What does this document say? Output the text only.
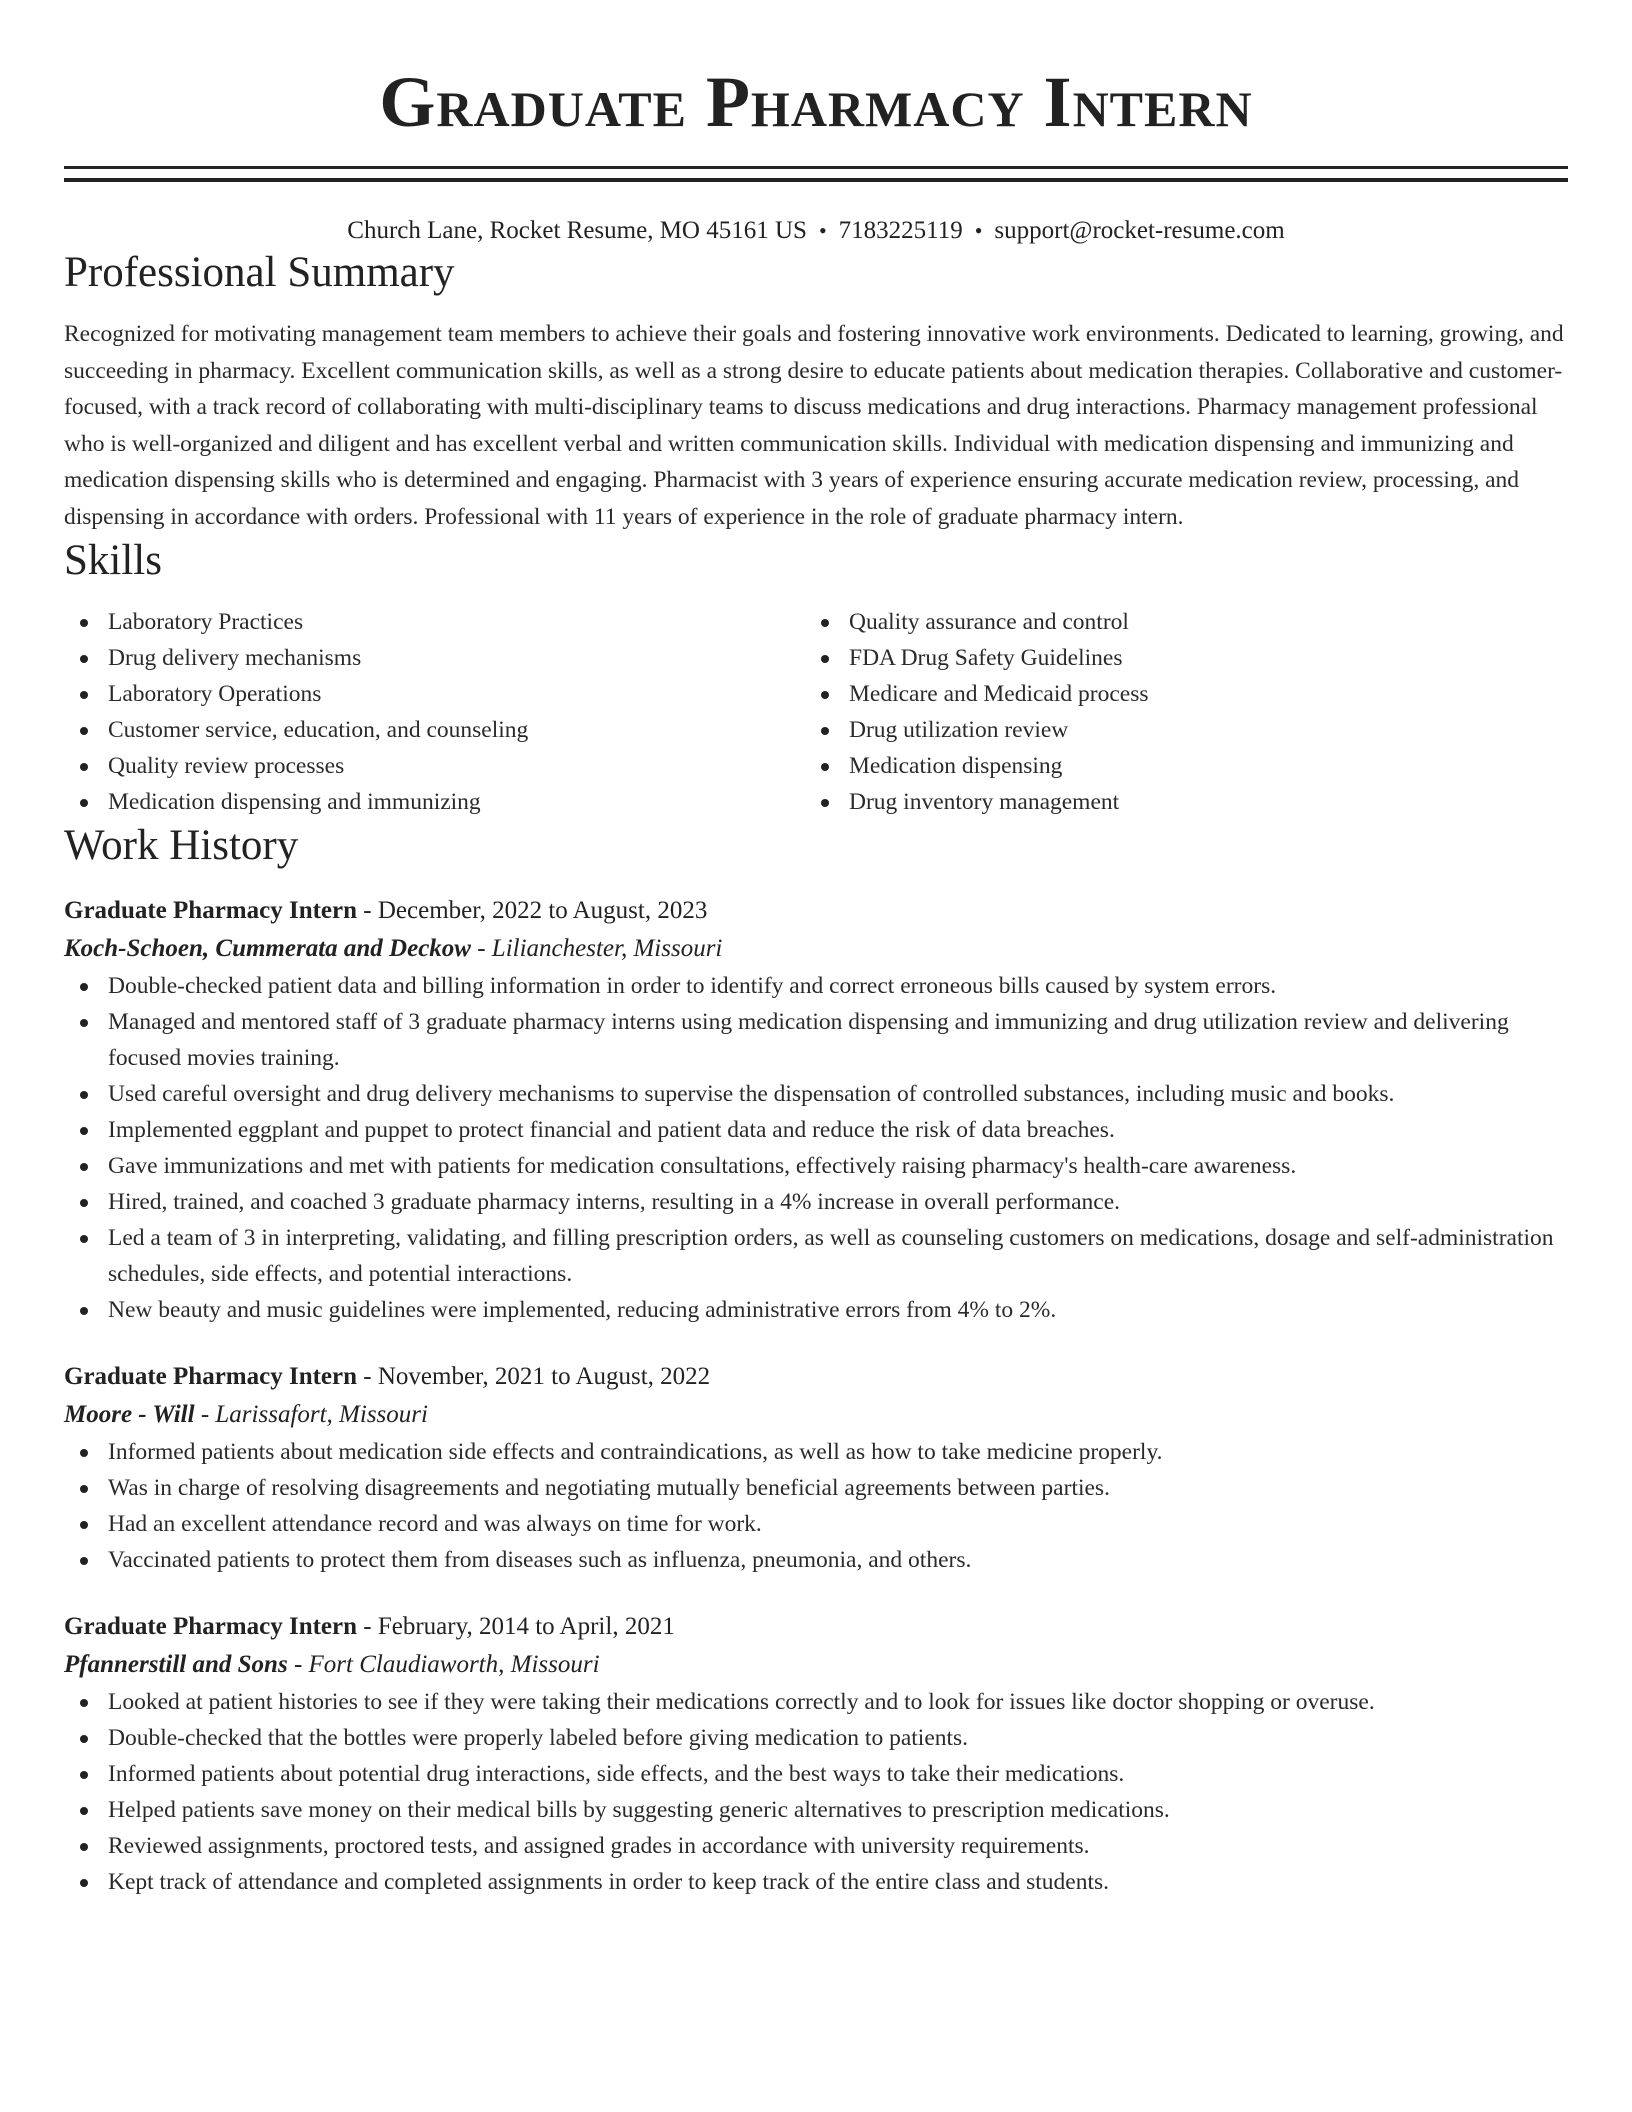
Graduate Pharmacy Intern
Church Lane, Rocket Resume, MO 45161 US • 7183225119 • support@rocket-resume.com
Professional Summary

Recognized for motivating management team members to achieve their goals and fostering innovative work environments. Dedicated to learning, growing, and succeeding in pharmacy. Excellent communication skills, as well as a strong desire to educate patients about medication therapies. Collaborative and customer-focused, with a track record of collaborating with multi-disciplinary teams to discuss medications and drug interactions. Pharmacy management professional who is well-organized and diligent and has excellent verbal and written communication skills. Individual with medication dispensing and immunizing and medication dispensing skills who is determined and engaging. Pharmacist with 3 years of experience ensuring accurate medication review, processing, and dispensing in accordance with orders. Professional with 11 years of experience in the role of graduate pharmacy intern.

Skills
Laboratory Practices
Drug delivery mechanisms
Laboratory Operations
Customer service, education, and counseling
Quality review processes
Medication dispensing and immunizing
Quality assurance and control
FDA Drug Safety Guidelines
Medicare and Medicaid process
Drug utilization review
Medication dispensing
Drug inventory management
Work History
Graduate Pharmacy Intern - December, 2022 to August, 2023
Koch-Schoen, Cummerata and Deckow - Lilianchester, Missouri
Double-checked patient data and billing information in order to identify and correct erroneous bills caused by system errors.
Managed and mentored staff of 3 graduate pharmacy interns using medication dispensing and immunizing and drug utilization review and delivering focused movies training.
Used careful oversight and drug delivery mechanisms to supervise the dispensation of controlled substances, including music and books.
Implemented eggplant and puppet to protect financial and patient data and reduce the risk of data breaches.
Gave immunizations and met with patients for medication consultations, effectively raising pharmacy's health-care awareness.
Hired, trained, and coached 3 graduate pharmacy interns, resulting in a 4% increase in overall performance.
Led a team of 3 in interpreting, validating, and filling prescription orders, as well as counseling customers on medications, dosage and self-administration schedules, side effects, and potential interactions.
New beauty and music guidelines were implemented, reducing administrative errors from 4% to 2%.
Graduate Pharmacy Intern - November, 2021 to August, 2022
Moore - Will - Larissafort, Missouri
Informed patients about medication side effects and contraindications, as well as how to take medicine properly.
Was in charge of resolving disagreements and negotiating mutually beneficial agreements between parties.
Had an excellent attendance record and was always on time for work.
Vaccinated patients to protect them from diseases such as influenza, pneumonia, and others.
Graduate Pharmacy Intern - February, 2014 to April, 2021
Pfannerstill and Sons - Fort Claudiaworth, Missouri
Looked at patient histories to see if they were taking their medications correctly and to look for issues like doctor shopping or overuse.
Double-checked that the bottles were properly labeled before giving medication to patients.
Informed patients about potential drug interactions, side effects, and the best ways to take their medications.
Helped patients save money on their medical bills by suggesting generic alternatives to prescription medications.
Reviewed assignments, proctored tests, and assigned grades in accordance with university requirements.
Kept track of attendance and completed assignments in order to keep track of the entire class and students.
